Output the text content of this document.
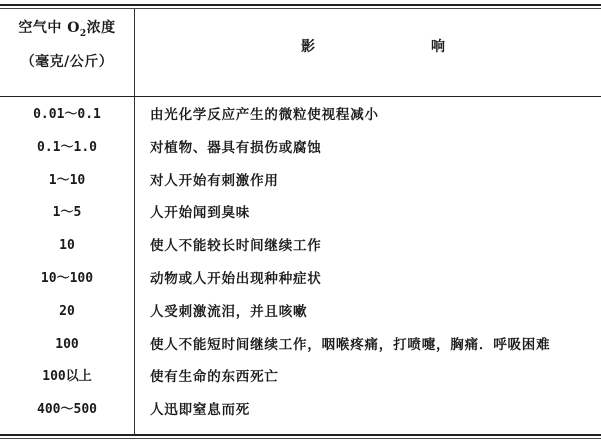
空气中 $O_2$浓度
（毫克/公斤）
影	响
0.01～0.1	由光化学反应产生的微粒使视程减小
0.1～1.0	对植物、器具有损伤或腐蚀
1～10	对人开始有刺激作用
1～5	人开始闻到臭味
10	使人不能较长时间继续工作
10～100	动物或人开始出现种种症状
20	人受刺激流泪，并且咳嗽
100	使人不能短时间继续工作，咽喉疼痛，打喷嚏，胸痛．呼吸困难
100以上	使有生命的东西死亡
400～500	人迅即窒息而死
